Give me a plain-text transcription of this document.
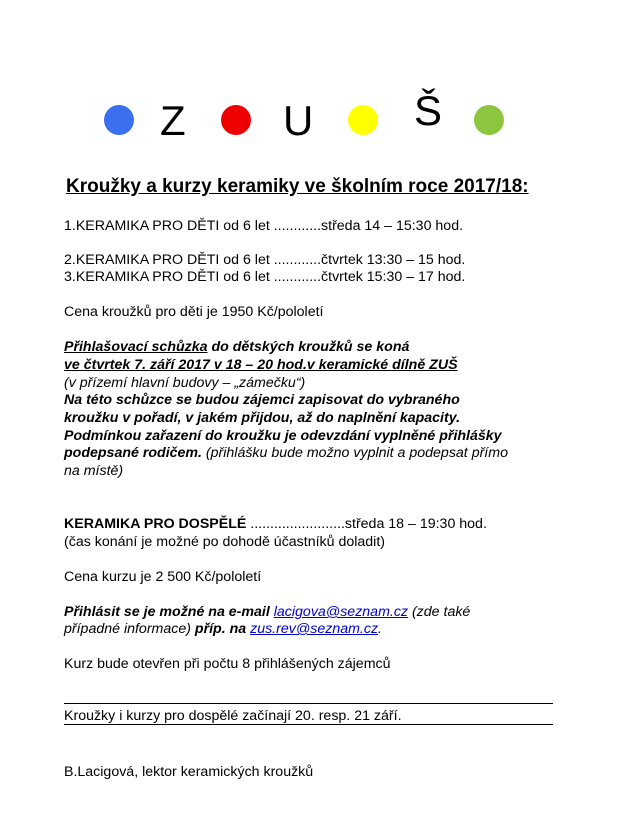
Z U Š
Kroužky a kurzy keramiky ve školním roce 2017/18:
1.KERAMIKA PRO DĚTI od 6 let ............středa 14 – 15:30 hod.
2.KERAMIKA PRO DĚTI od 6 let ............čtvrtek 13:30 – 15 hod.
3.KERAMIKA PRO DĚTI od 6 let ............čtvrtek 15:30 – 17 hod.
Cena kroužků pro děti je 1950 Kč/pololetí
Přihlašovací schůzka do dětských kroužků se koná
ve čtvrtek 7. září 2017 v 18 – 20 hod.v keramické dílně ZUŠ
(v přízemí hlavní budovy – „zámečku“)
Na této schůzce se budou zájemci zapisovat do vybraného
kroužku v pořadí, v jakém přijdou, až do naplnění kapacity.
Podmínkou zařazení do kroužku je odevzdání vyplněné přihlášky
podepsané rodičem. (přihlášku bude možno vyplnit a podepsat přímo
na místě)
KERAMIKA PRO DOSPĚLÉ ........................středa 18 – 19:30 hod.
(čas konání je možné po dohodě účastníků doladit)
Cena kurzu je 2 500 Kč/pololetí
Přihlásit se je možné na e-mail lacigova@seznam.cz (zde také
případné informace) příp. na zus.rev@seznam.cz.
Kurz bude otevřen při počtu 8 přihlášených zájemců
Kroužky i kurzy pro dospělé začínají 20. resp. 21 září.
B.Lacigová, lektor keramických kroužků
